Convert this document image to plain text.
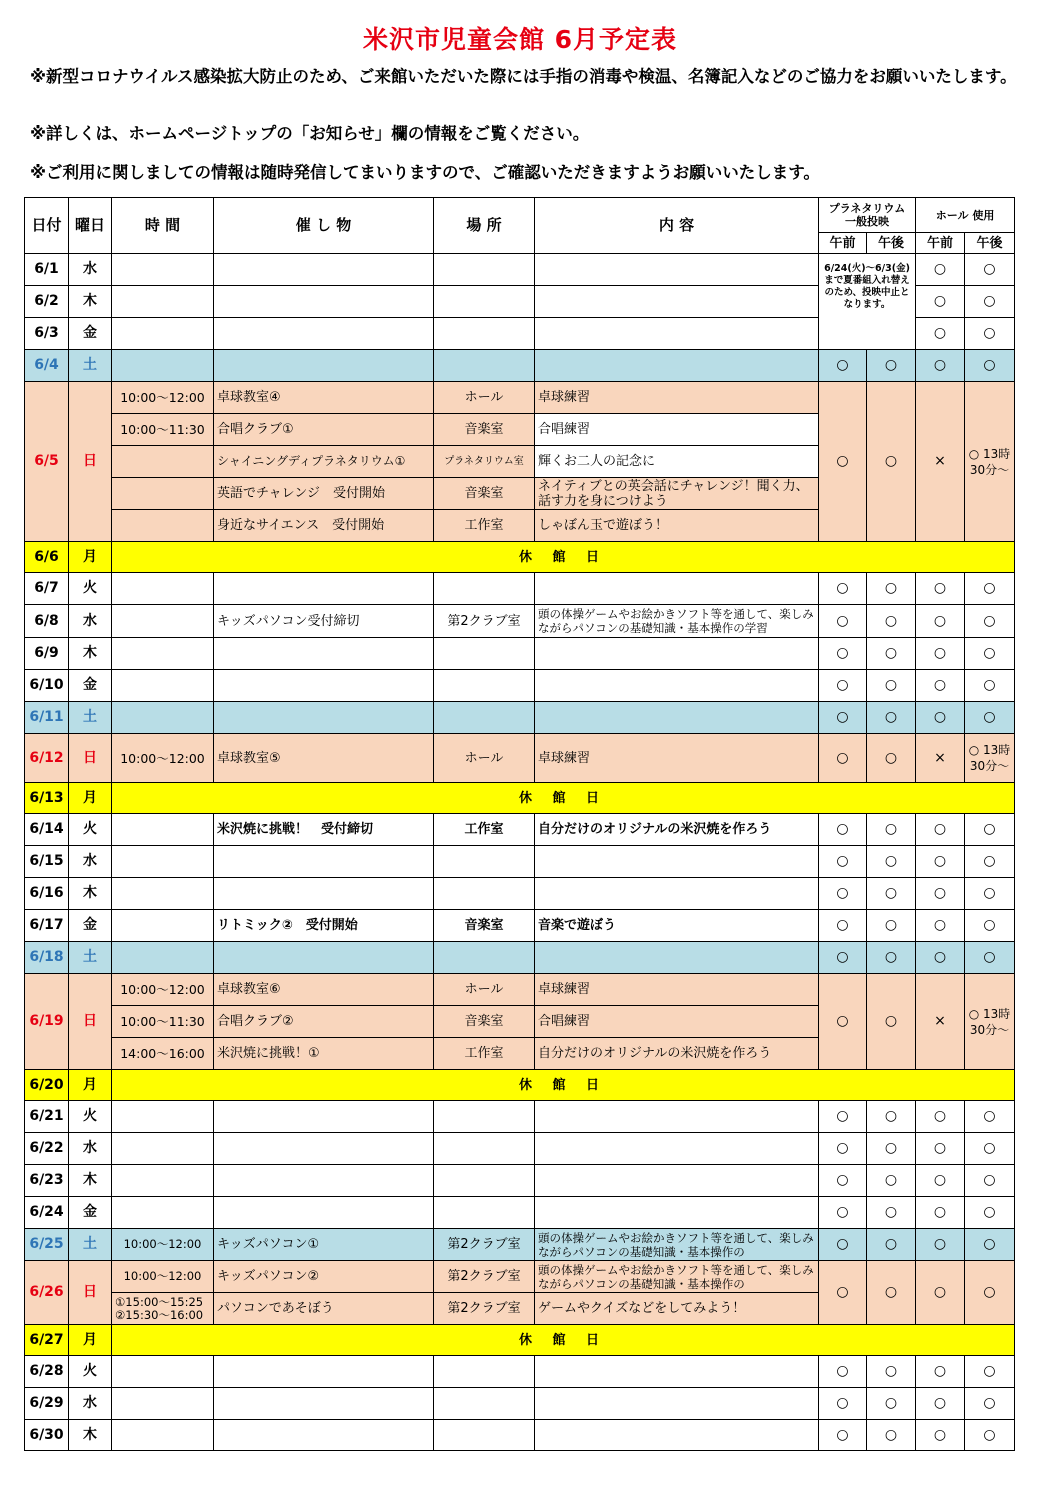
米沢市児童会館 6月予定表
※新型コロナウイルス感染拡大防止のため、ご来館いただいた際には手指の消毒や検温、名簿記入などのご協力をお願いいたします。
※詳しくは、ホームページトップの「お知らせ」欄の情報をご覧ください。
※ご利用に関しましての情報は随時発信してまいりますので、ご確認いただきますようお願いいたします。
日付	曜日	時 間	催 し 物	場 所	内 容	プラネタリウム 一般投映		ホール 使用	
						午前	午後	午前	午後
6/1	水					6/24(火)～6/3(金)まで夏番組入れ替えのため、投映中止となります。		○	○
6/2	木							○	○
6/3	金							○	○
6/4	土					○	○	○	○
6/5	日	10:00～12:00	卓球教室④	ホール	卓球練習	○	○	×	○ 13時30分～
		10:00～11:30	合唱クラブ①	音楽室	合唱練習				
			シャイニングディプラネタリウム①	プラネタリウム室	輝くお二人の記念に				
			英語でチャレンジ　受付開始	音楽室	ネイティブとの英会話にチャレンジ！聞く力、話す力を身につけよう				
			身近なサイエンス　受付開始	工作室	しゃぼん玉で遊ぼう！				
6/6	月	休 館 日							
6/7	火					○	○	○	○
6/8	水		キッズパソコン受付締切	第2クラブ室	頭の体操ゲームやお絵かきソフト等を通して、楽しみながらパソコンの基礎知識・基本操作の学習	○	○	○	○
6/9	木					○	○	○	○
6/10	金					○	○	○	○
6/11	土					○	○	○	○
6/12	日	10:00～12:00	卓球教室⑤	ホール	卓球練習	○	○	×	○ 13時30分～
6/13	月	休 館 日							
6/14	火		米沢焼に挑戦！　受付締切	工作室	自分だけのオリジナルの米沢焼を作ろう	○	○	○	○
6/15	水					○	○	○	○
6/16	木					○	○	○	○
6/17	金		リトミック②　受付開始	音楽室	音楽で遊ぼう	○	○	○	○
6/18	土					○	○	○	○
6/19	日	10:00～12:00	卓球教室⑥	ホール	卓球練習	○	○	×	○ 13時30分～
		10:00～11:30	合唱クラブ②	音楽室	合唱練習				
		14:00～16:00	米沢焼に挑戦！①	工作室	自分だけのオリジナルの米沢焼を作ろう				
6/20	月	休 館 日							
6/21	火					○	○	○	○
6/22	水					○	○	○	○
6/23	木					○	○	○	○
6/24	金					○	○	○	○
6/25	土	10:00～12:00	キッズパソコン①	第2クラブ室	頭の体操ゲームやお絵かきソフト等を通して、楽しみながらパソコンの基礎知識・基本操作の	○	○	○	○
6/26	日	10:00～12:00	キッズパソコン②	第2クラブ室	頭の体操ゲームやお絵かきソフト等を通して、楽しみながらパソコンの基礎知識・基本操作の	○	○	○	○

		①15:00～15:25
②15:30～16:00	パソコンであそぼう	第2クラブ室	ゲームやクイズなどをしてみよう！				
6/27	月	休 館 日							
6/28	火					○	○	○	○
6/29	水					○	○	○	○
6/30	木					○	○	○	○
